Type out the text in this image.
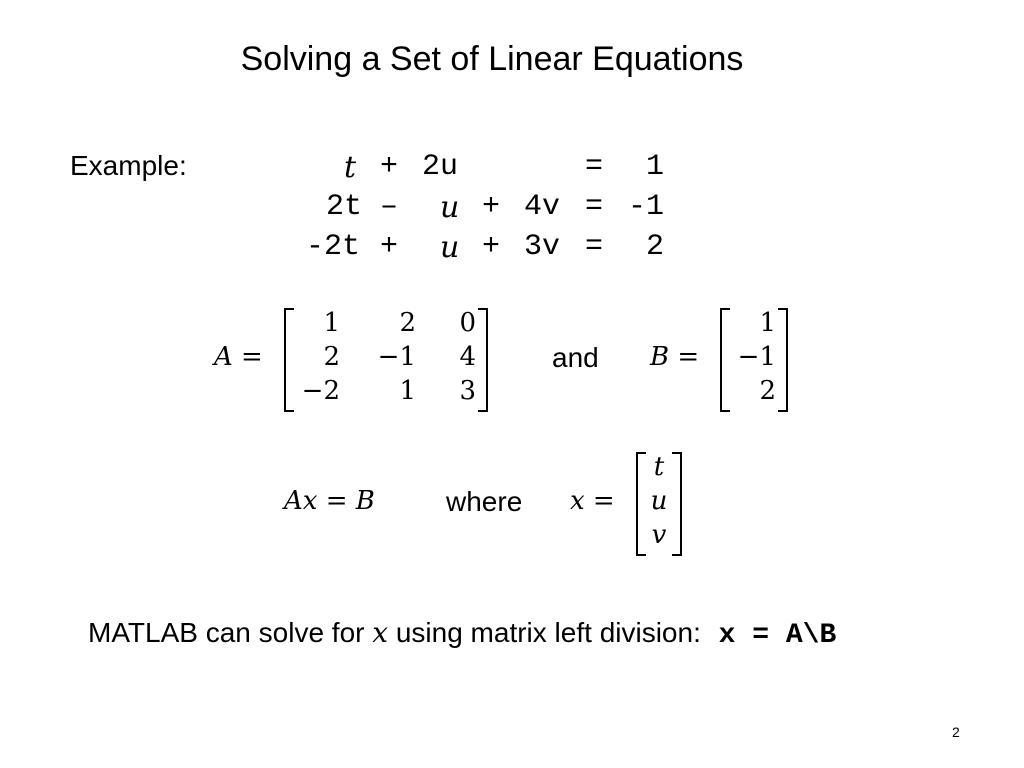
Solving a Set of Linear Equations
Example:	t + 2u	= 1
2t – u + 4v = -1
-2t + u + 3v = 2
A =
1	2	0
2	−1	4
−2	1	3
and B =
1
−1
2
Ax = B	where x =
t
u
v
MATLAB can solve for x using matrix left division: x = A\B
2
